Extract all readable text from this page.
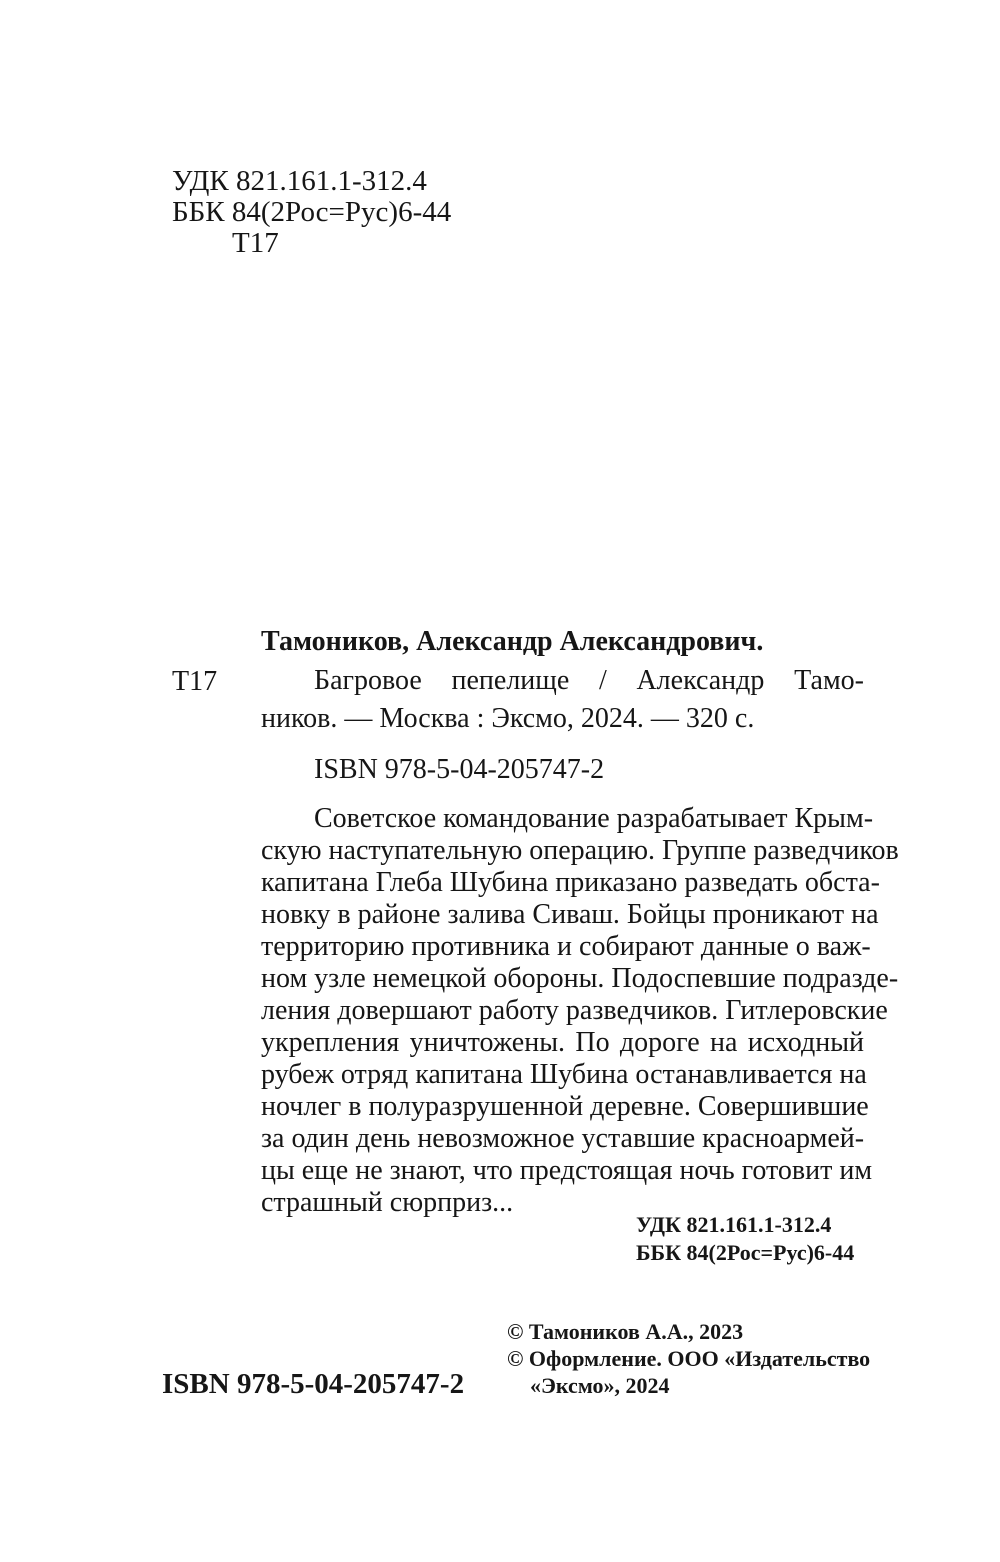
УДК 821.161.1-312.4
ББК 84(2Рос=Рус)6-44
Т17
Тамоников, Александр Александрович.
Т17	Багровое пепелище / Александр Тамо-
ников. — Москва : Эксмо, 2024. — 320 с.
ISBN 978-5-04-205747-2
Советское командование разрабатывает Крым-
скую наступательную операцию. Группе разведчиков
капитана Глеба Шубина приказано разведать обста-
новку в районе залива Сиваш. Бойцы проникают на
территорию противника и собирают данные о важ-
ном узле немецкой обороны. Подоспевшие подразде-
ления довершают работу разведчиков. Гитлеровские
укрепления уничтожены. По дороге на исходный
рубеж отряд капитана Шубина останавливается на
ночлег в полуразрушенной деревне. Совершившие
за один день невозможное уставшие красноармей-
цы еще не знают, что предстоящая ночь готовит им
страшный сюрприз...
УДК 821.161.1-312.4
ББК 84(2Рос=Рус)6-44
© Тамоников А.А., 2023
© Оформление. ООО «Издательство
«Эксмо», 2024
ISBN 978-5-04-205747-2
